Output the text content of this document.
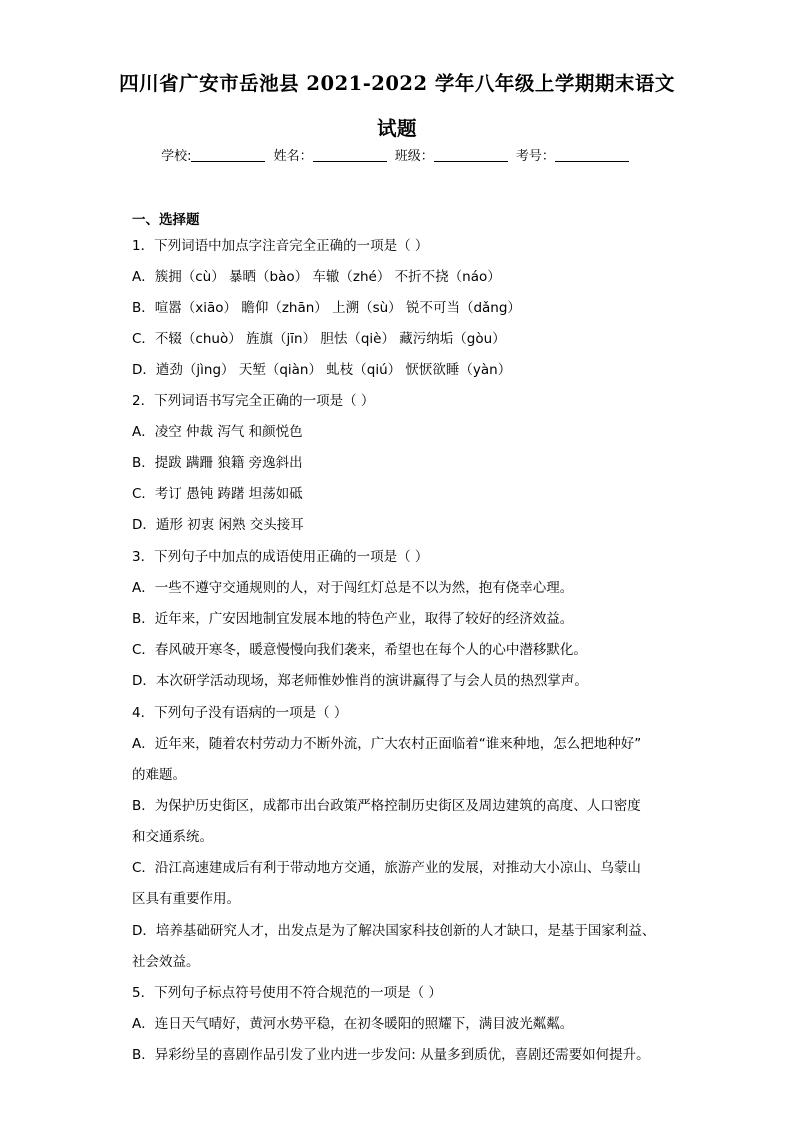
四川省广安市岳池县 2021-2022 学年八年级上学期期末语文
试题
学校:	姓名：	班级：	考号：
一、选择题
1．下列词语中加点字注音完全正确的一项是（ ）
A．簇拥（cù） 暴晒（bào） 车辙（zhé） 不折不挠（náo）
B．喧嚣（xiāo） 瞻仰（zhān） 上溯（sù） 锐不可当（dǎng）
C．不辍（chuò） 旌旗（jīn） 胆怯（qiè） 藏污纳垢（gòu）
D．遒劲（jìng） 天堑（qiàn） 虬枝（qiú） 恹恹欲睡（yàn）
2．下列词语书写完全正确的一项是（ ）
A．凌空 仲裁 泻气 和颜悦色
B．提跋 蹒跚 狼籍 旁逸斜出
C．考订 愚钝 踌躇 坦荡如砥
D．遁形 初衷 闲熟 交头接耳
3．下列句子中加点的成语使用正确的一项是（ ）
A．一些不遵守交通规则的人，对于闯红灯总是不以为然，抱有侥幸心理。
B．近年来，广安因地制宜发展本地的特色产业，取得了较好的经济效益。
C．春风破开寒冬，暖意慢慢向我们袭来，希望也在每个人的心中潜移默化。
D．本次研学活动现场，郑老师惟妙惟肖的演讲赢得了与会人员的热烈掌声。
4．下列句子没有语病的一项是（ ）
A．近年来，随着农村劳动力不断外流，广大农村正面临着“谁来种地，怎么把地种好”
的难题。
B．为保护历史街区，成都市出台政策严格控制历史街区及周边建筑的高度、人口密度
和交通系统。
C．沿江高速建成后有利于带动地方交通，旅游产业的发展，对推动大小凉山、乌蒙山
区具有重要作用。
D．培养基础研究人才，出发点是为了解决国家科技创新的人才缺口，是基于国家利益、
社会效益。
5．下列句子标点符号使用不符合规范的一项是（ ）
A．连日天气晴好，黄河水势平稳，在初冬暖阳的照耀下，满目波光粼粼。
B．异彩纷呈的喜剧作品引发了业内进一步发问: 从量多到质优，喜剧还需要如何提升。
